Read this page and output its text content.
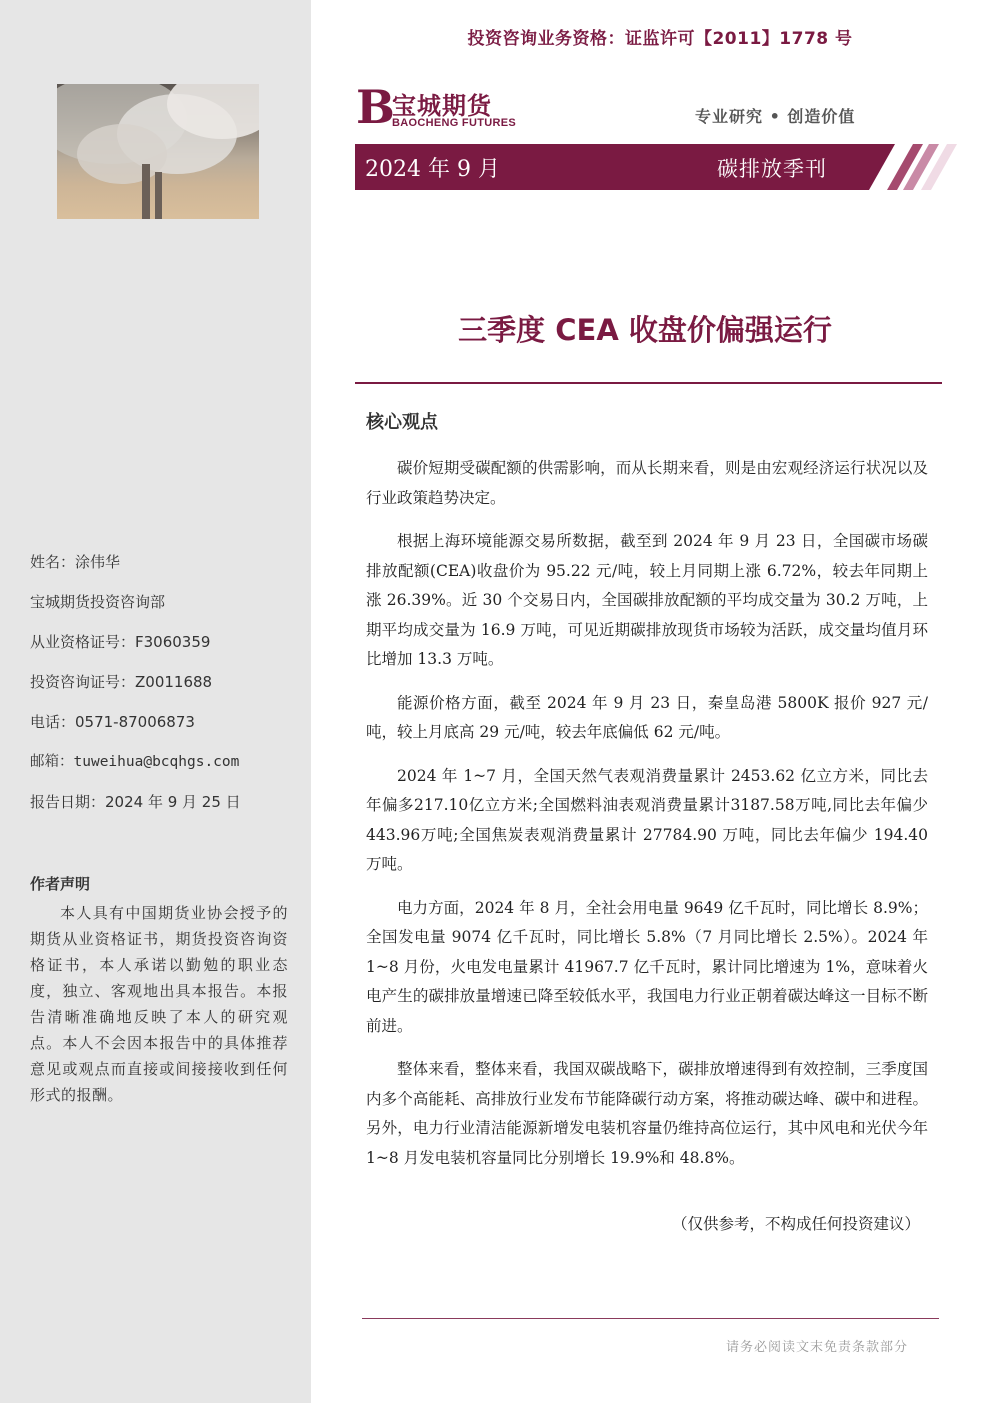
姓名：涂伟华
宝城期货投资咨询部
从业资格证号：F3060359
投资咨询证号：Z0011688
电话：0571-87006873
邮箱：tuweihua@bcqhgs.com
报告日期：2024 年 9 月 25 日
作者声明
本人具有中国期货业协会授予的期货从业资格证书，期货投资咨询资格证书，本人承诺以勤勉的职业态度，独立、客观地出具本报告。本报告清晰准确地反映了本人的研究观点。本人不会因本报告中的具体推荐意见或观点而直接或间接接收到任何形式的报酬。
投资咨询业务资格：证监许可【2011】1778 号
B
宝城期货
BAOCHENG FUTURES	专业研究 • 创造价值
2024 年 9 月	碳排放季刊
三季度 CEA 收盘价偏强运行
核心观点

碳价短期受碳配额的供需影响，而从长期来看，则是由宏观经济运行状况以及行业政策趋势决定。

根据上海环境能源交易所数据，截至到 2024 年 9 月 23 日，全国碳市场碳排放配额(CEA)收盘价为 95.22 元/吨，较上月同期上涨 6.72%，较去年同期上涨 26.39%。近 30 个交易日内，全国碳排放配额的平均成交量为 30.2 万吨，上期平均成交量为 16.9 万吨，可见近期碳排放现货市场较为活跃，成交量均值月环比增加 13.3 万吨。

能源价格方面，截至 2024 年 9 月 23 日，秦皇岛港 5800K 报价 927 元/吨，较上月底高 29 元/吨，较去年底偏低 62 元/吨。

2024 年 1~7 月，全国天然气表观消费量累计 2453.62 亿立方米，同比去年偏多217.10亿立方米;全国燃料油表观消费量累计3187.58万吨,同比去年偏少 443.96万吨;全国焦炭表观消费量累计 27784.90 万吨，同比去年偏少 194.40 万吨。

电力方面，2024 年 8 月，全社会用电量 9649 亿千瓦时，同比增长 8.9%；全国发电量 9074 亿千瓦时，同比增长 5.8%（7 月同比增长 2.5%）。2024 年 1~8 月份，火电发电量累计 41967.7 亿千瓦时，累计同比增速为 1%，意味着火电产生的碳排放量增速已降至较低水平，我国电力行业正朝着碳达峰这一目标不断前进。

整体来看，整体来看，我国双碳战略下，碳排放增速得到有效控制，三季度国内多个高能耗、高排放行业发布节能降碳行动方案，将推动碳达峰、碳中和进程。另外，电力行业清洁能源新增发电装机容量仍维持高位运行，其中风电和光伏今年 1~8 月发电装机容量同比分别增长 19.9%和 48.8%。

（仅供参考，不构成任何投资建议）
请务必阅读文末免责条款部分
